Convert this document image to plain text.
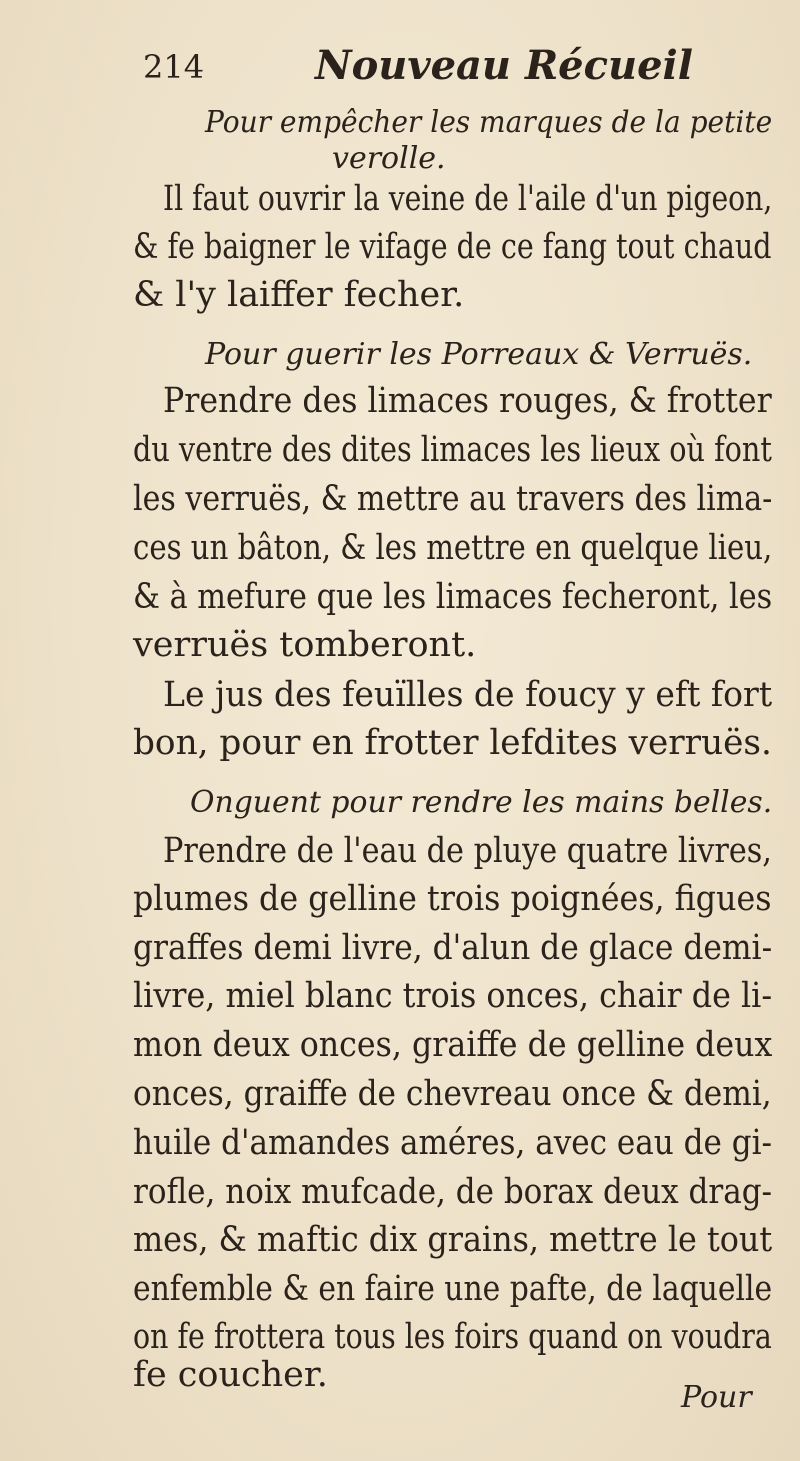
214	Nouveau Récueil
Pour empêcher les marques de la petite
verolle.
Il faut ouvrir la veine de l'aile d'un pigeon,
& fe baigner le vifage de ce fang tout chaud
& l'y laiffer fecher.
Pour guerir les Porreaux & Verruës.
Prendre des limaces rouges, & frotter
du ventre des dites limaces les lieux où font
les verruës, & mettre au travers des lima-
ces un bâton, & les mettre en quelque lieu,
& à mefure que les limaces fecheront, les
verruës tomberont.
Le jus des feuïlles de foucy y eft fort
bon, pour en frotter lefdites verruës.
Onguent pour rendre les mains belles.
Prendre de l'eau de pluye quatre livres,
plumes de gelline trois poignées, figues
graffes demi livre, d'alun de glace demi-
livre, miel blanc trois onces, chair de li-
mon deux onces, graiffe de gelline deux
onces, graiffe de chevreau once & demi,
huile d'amandes améres, avec eau de gi-
rofle, noix mufcade, de borax deux drag-
mes, & maftic dix grains, mettre le tout
enfemble & en faire une pafte, de laquelle
on fe frottera tous les foirs quand on voudra
fe coucher.
Pour
